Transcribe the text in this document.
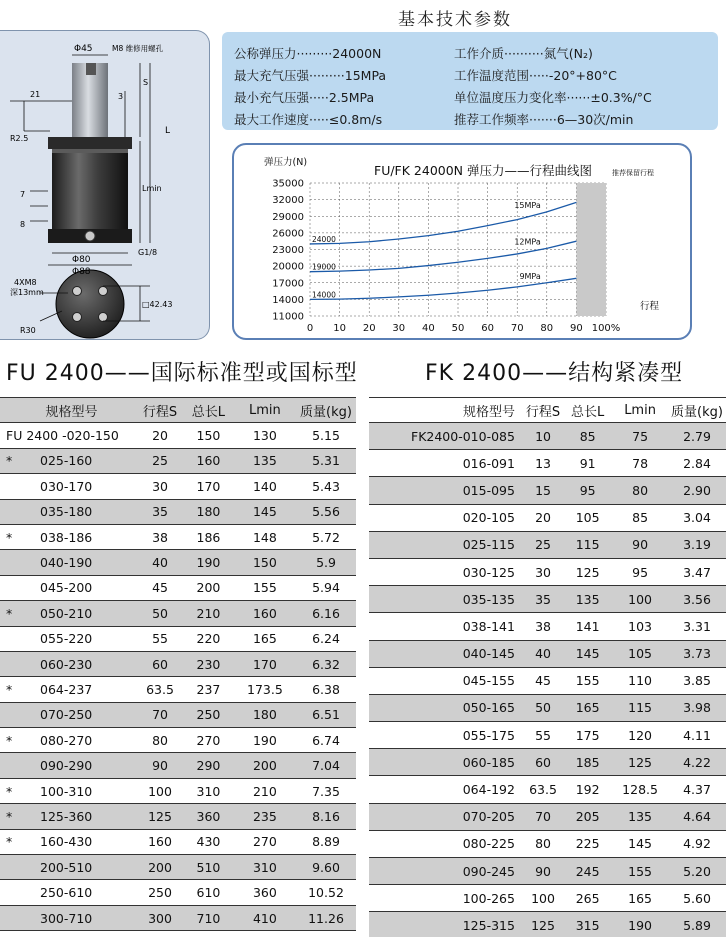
Φ45	M8 维修用螺孔
S
21	3
L
R2.5
Lmin
7
8
G1/8
Φ80
Φ88
4XM8
深13mm
□42.43
R30
基本技术参数
公称弹压力·········24000N	工作介质··········氮气(N₂)
最大充气压强·········15MPa	工作温度范围·····-20°+80°C
最小充气压强·····2.5MPa	单位温度压力变化率······±0.3%/°C
最大工作速度·····≤0.8m/s	推荐工作频率·······6—30次/min
35000
32000
29000
26000
23000
20000
17000
14000
11000
0 10 20 30 40 50 60 70 80 90 100%
15MPa
24000	12MPa
19000
9MPa
14000
弹压力(N)
FU/FK 24000N 弹压力——行程曲线图
行程
推荐保留行程
FU 2400——国际标准型或国标型	FK 2400——结构紧凑型
规格型号	行程S	总长L	Lmin	质量(kg)
FU 2400 -020-150	20	150	130	5.15
* 025-160	25	160	135	5.31
030-170	30	170	140	5.43
035-180	35	180	145	5.56
* 038-186	38	186	148	5.72
040-190	40	190	150	5.9
045-200	45	200	155	5.94
* 050-210	50	210	160	6.16
055-220	55	220	165	6.24
060-230	60	230	170	6.32
* 064-237	63.5	237	173.5	6.38
070-250	70	250	180	6.51
* 080-270	80	270	190	6.74
090-290	90	290	200	7.04
* 100-310	100	310	210	7.35
* 125-360	125	360	235	8.16
* 160-430	160	430	270	8.89
200-510	200	510	310	9.60
250-610	250	610	360	10.52
300-710	300	710	410	11.26
规格型号	行程S	总长L	Lmin	质量(kg)
FK2400-010-085	10	85	75	2.79
016-091	13	91	78	2.84
015-095	15	95	80	2.90
020-105	20	105	85	3.04
025-115	25	115	90	3.19
030-125	30	125	95	3.47
035-135	35	135	100	3.56
038-141	38	141	103	3.31
040-145	40	145	105	3.73
045-155	45	155	110	3.85
050-165	50	165	115	3.98
055-175	55	175	120	4.11
060-185	60	185	125	4.22
064-192	63.5	192	128.5	4.37
070-205	70	205	135	4.64
080-225	80	225	145	4.92
090-245	90	245	155	5.20
100-265	100	265	165	5.60
125-315	125	315	190	5.89
